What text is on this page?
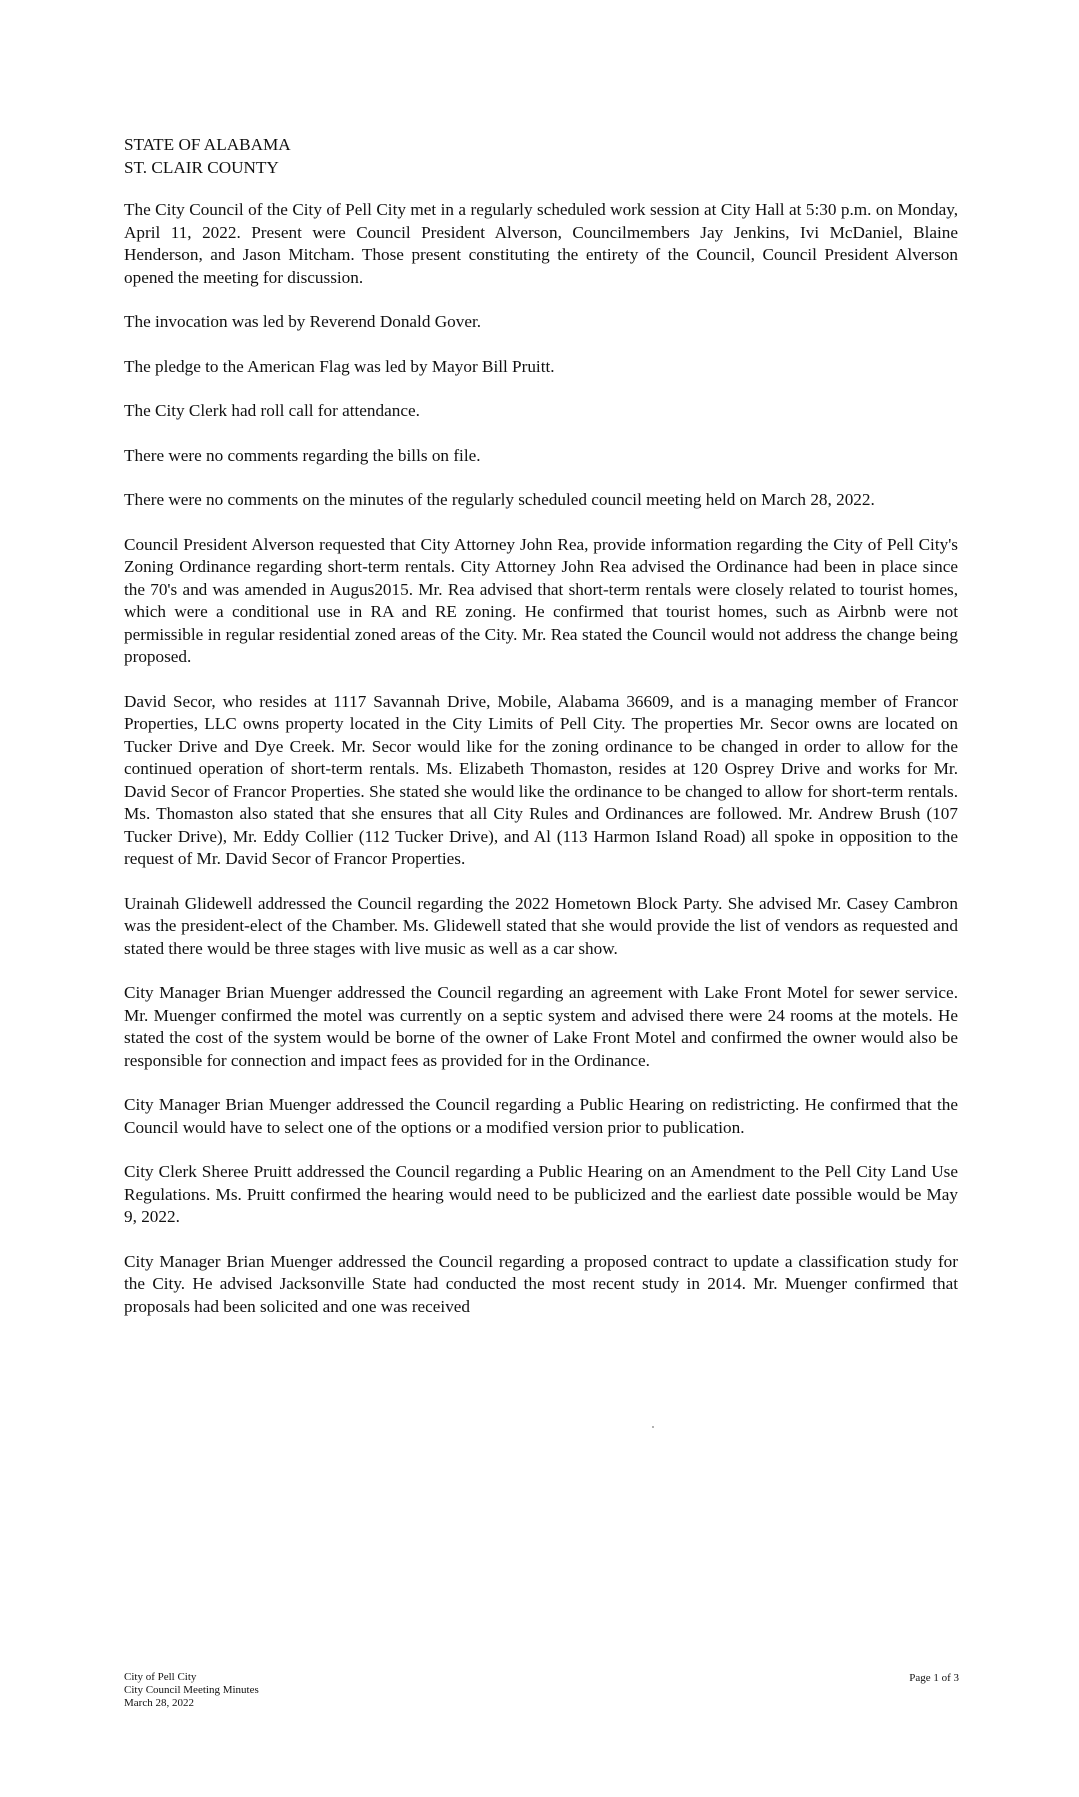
STATE OF ALABAMA
ST. CLAIR COUNTY

The City Council of the City of Pell City met in a regularly scheduled work session at City Hall at 5:30 p.m. on Monday, April 11, 2022. Present were Council President Alverson, Councilmembers Jay Jenkins, Ivi McDaniel, Blaine Henderson, and Jason Mitcham. Those present constituting the entirety of the Council, Council President Alverson opened the meeting for discussion.

The invocation was led by Reverend Donald Gover.

The pledge to the American Flag was led by Mayor Bill Pruitt.

The City Clerk had roll call for attendance.

There were no comments regarding the bills on file.

There were no comments on the minutes of the regularly scheduled council meeting held on March 28, 2022.

Council President Alverson requested that City Attorney John Rea, provide information regarding the City of Pell City's Zoning Ordinance regarding short-term rentals. City Attorney John Rea advised the Ordinance had been in place since the 70's and was amended in Augus2015. Mr. Rea advised that short-term rentals were closely related to tourist homes, which were a conditional use in RA and RE zoning. He confirmed that tourist homes, such as Airbnb were not permissible in regular residential zoned areas of the City. Mr. Rea stated the Council would not address the change being proposed.

David Secor, who resides at 1117 Savannah Drive, Mobile, Alabama 36609, and is a managing member of Francor Properties, LLC owns property located in the City Limits of Pell City. The properties Mr. Secor owns are located on Tucker Drive and Dye Creek. Mr. Secor would like for the zoning ordinance to be changed in order to allow for the continued operation of short-term rentals. Ms. Elizabeth Thomaston, resides at 120 Osprey Drive and works for Mr. David Secor of Francor Properties. She stated she would like the ordinance to be changed to allow for short-term rentals. Ms. Thomaston also stated that she ensures that all City Rules and Ordinances are followed. Mr. Andrew Brush (107 Tucker Drive), Mr. Eddy Collier (112 Tucker Drive), and Al (113 Harmon Island Road) all spoke in opposition to the request of Mr. David Secor of Francor Properties.

Urainah Glidewell addressed the Council regarding the 2022 Hometown Block Party. She advised Mr. Casey Cambron was the president-elect of the Chamber. Ms. Glidewell stated that she would provide the list of vendors as requested and stated there would be three stages with live music as well as a car show.

City Manager Brian Muenger addressed the Council regarding an agreement with Lake Front Motel for sewer service. Mr. Muenger confirmed the motel was currently on a septic system and advised there were 24 rooms at the motels. He stated the cost of the system would be borne of the owner of Lake Front Motel and confirmed the owner would also be responsible for connection and impact fees as provided for in the Ordinance.

City Manager Brian Muenger addressed the Council regarding a Public Hearing on redistricting. He confirmed that the Council would have to select one of the options or a modified version prior to publication.

City Clerk Sheree Pruitt addressed the Council regarding a Public Hearing on an Amendment to the Pell City Land Use Regulations. Ms. Pruitt confirmed the hearing would need to be publicized and the earliest date possible would be May 9, 2022.

City Manager Brian Muenger addressed the Council regarding a proposed contract to update a classification study for the City. He advised Jacksonville State had conducted the most recent study in 2014. Mr. Muenger confirmed that proposals had been solicited and one was received

City of Pell City
City Council Meeting Minutes
March 28, 2022
Page 1 of 3
